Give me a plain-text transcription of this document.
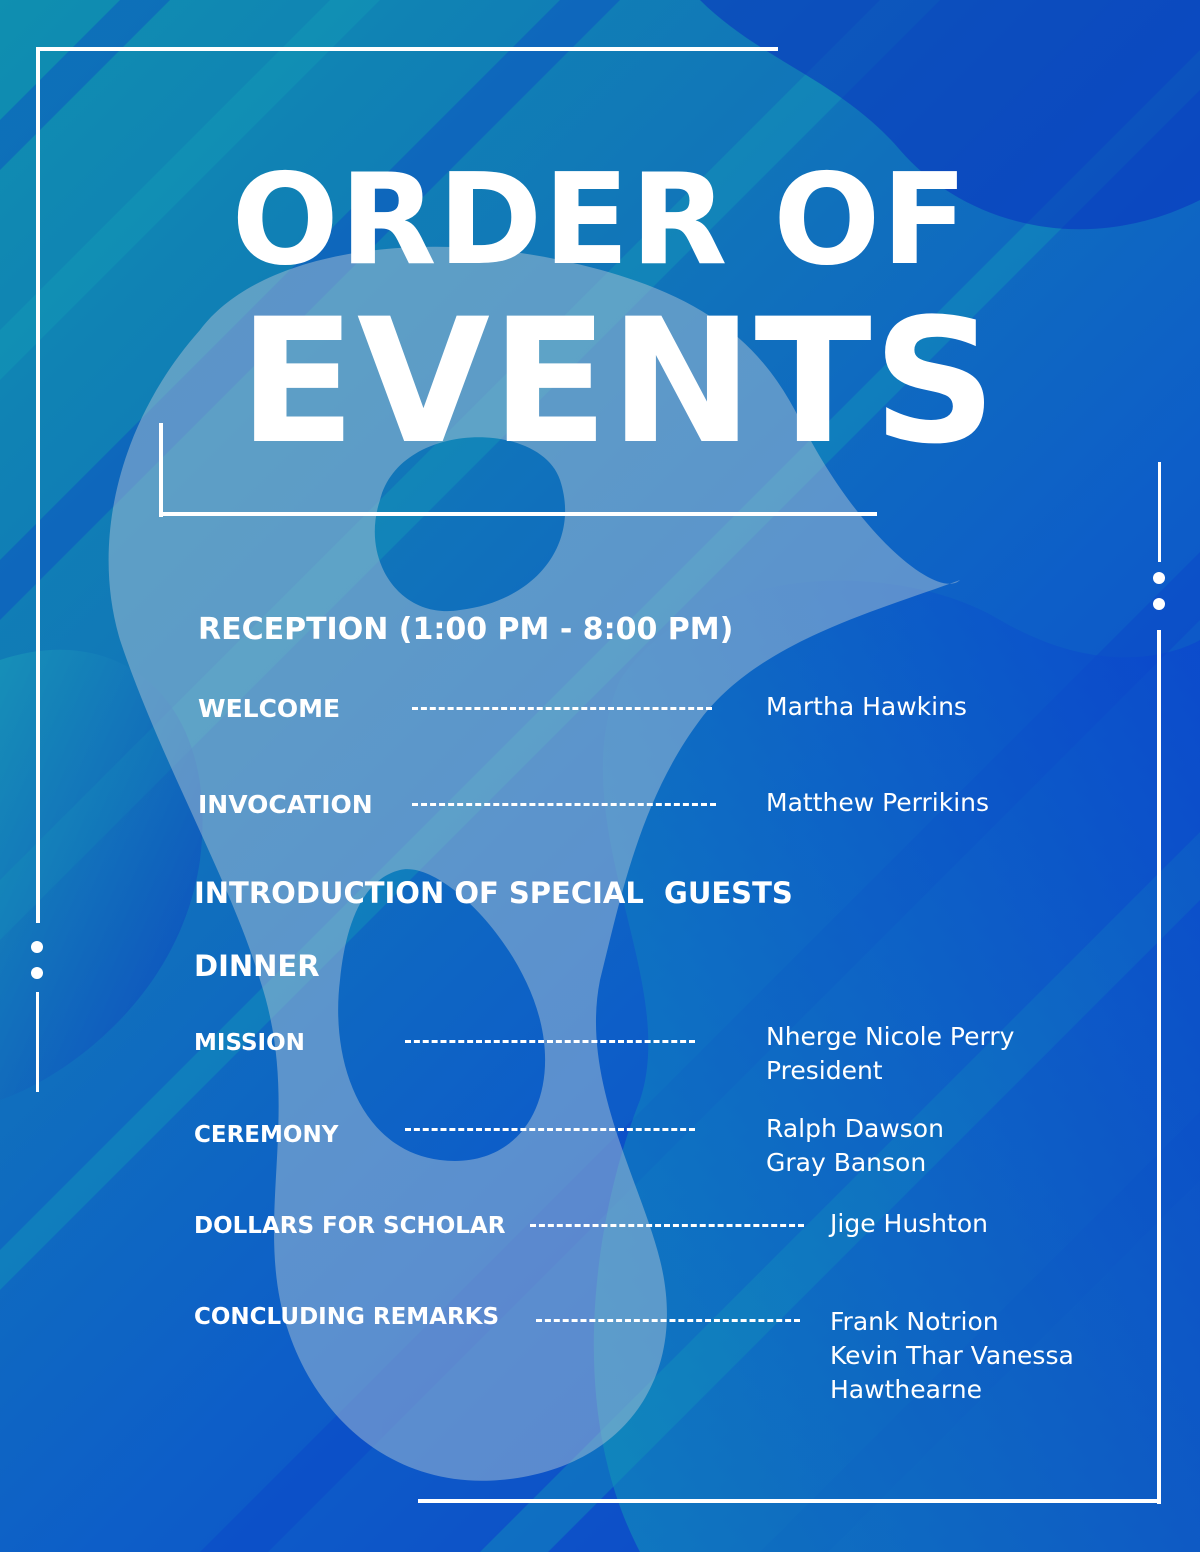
ORDER OF
EVENTS
RECEPTION (1:00 PM - 8:00 PM)
WELCOME	Martha Hawkins
INVOCATION	Matthew Perrikins
INTRODUCTION OF SPECIAL  GUESTS
DINNER
MISSION	Nherge Nicole Perry
President
CEREMONY	Ralph Dawson
Gray Banson
DOLLARS FOR SCHOLAR	Jige Hushton
CONCLUDING REMARKS	Frank Notrion
Kevin Thar Vanessa
Hawthearne
